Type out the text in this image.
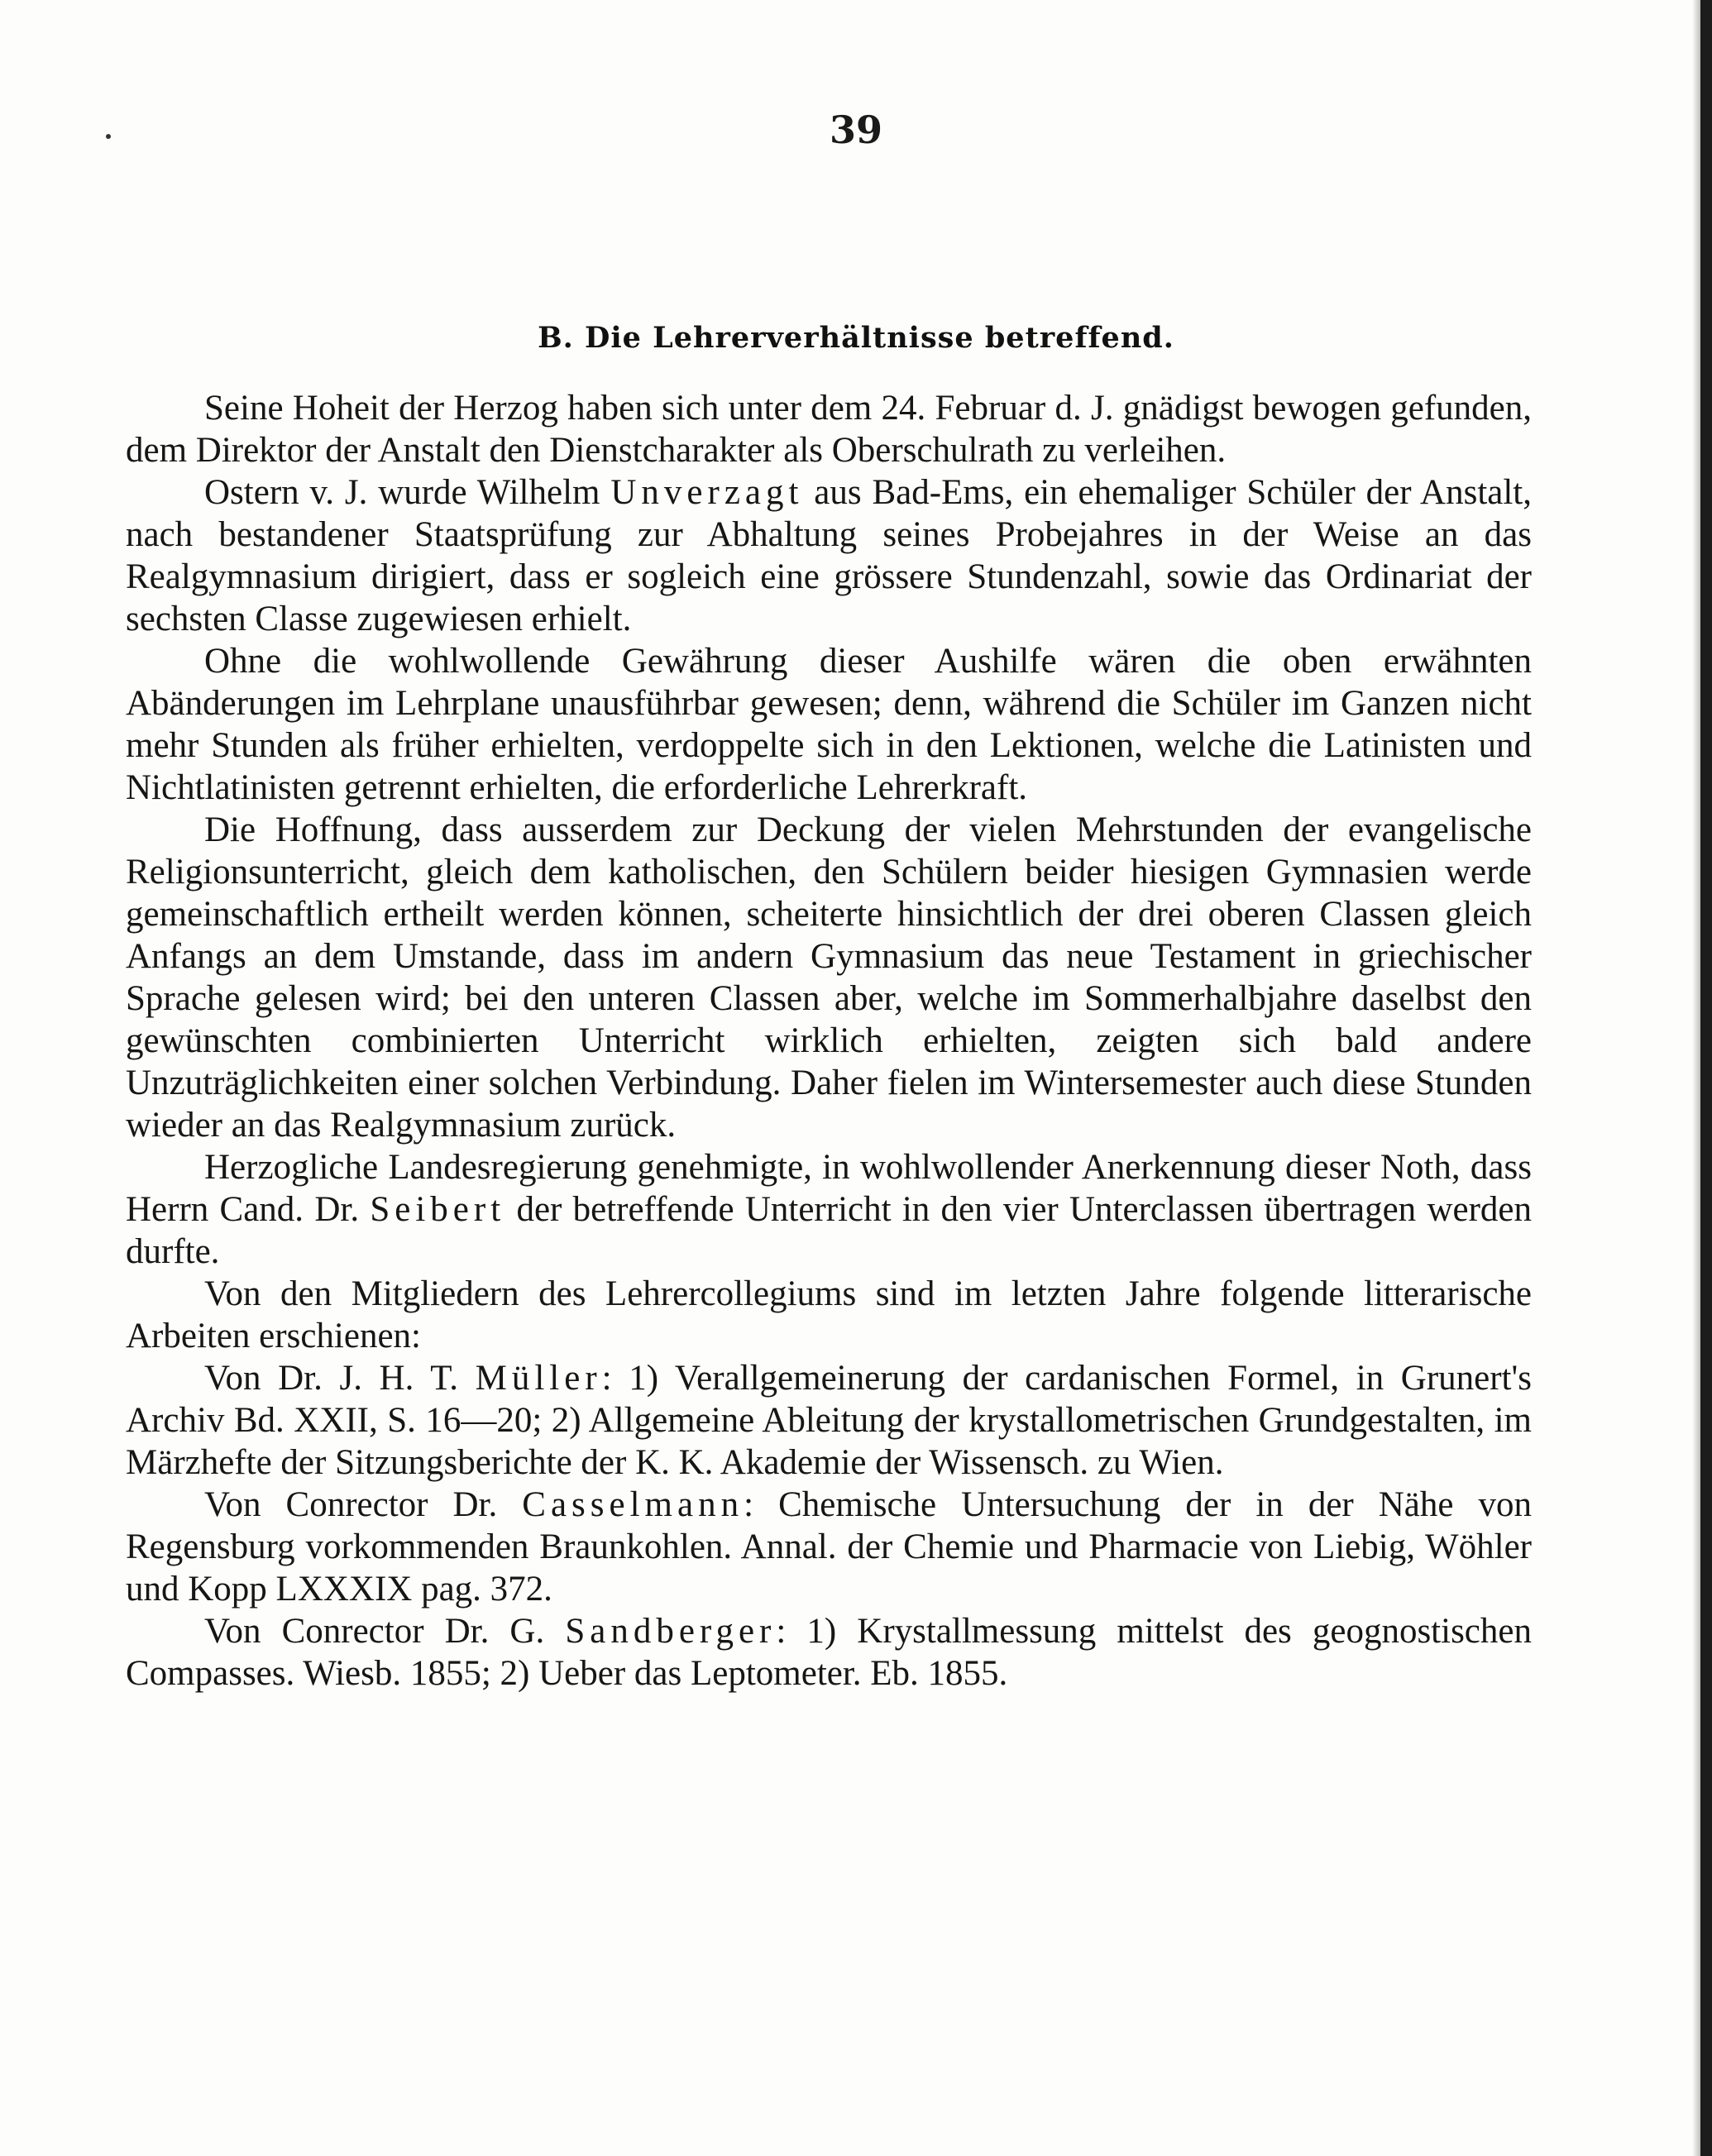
39
B. Die Lehrerverhältnisse betreffend.

Seine Hoheit der Herzog haben sich unter dem 24. Februar d. J. gnädigst bewogen gefunden, dem Direktor der Anstalt den Dienstcharakter als Oberschulrath zu verleihen.

Ostern v. J. wurde Wilhelm Unverzagt aus Bad-Ems, ein ehemaliger Schüler der Anstalt, nach bestandener Staatsprüfung zur Abhaltung seines Probejahres in der Weise an das Realgymnasium dirigiert, dass er sogleich eine grössere Stundenzahl, sowie das Ordinariat der sechsten Classe zugewiesen erhielt.

Ohne die wohlwollende Gewährung dieser Aushilfe wären die oben erwähnten Abänderungen im Lehrplane unausführbar gewesen; denn, während die Schüler im Ganzen nicht mehr Stunden als früher erhielten, verdoppelte sich in den Lektionen, welche die Latinisten und Nichtlatinisten getrennt erhielten, die erforderliche Lehrerkraft.

Die Hoffnung, dass ausserdem zur Deckung der vielen Mehrstunden der evangelische Religionsunterricht, gleich dem katholischen, den Schülern beider hiesigen Gymnasien werde gemeinschaftlich ertheilt werden können, scheiterte hinsichtlich der drei oberen Classen gleich Anfangs an dem Umstande, dass im andern Gymnasium das neue Testament in griechischer Sprache gelesen wird; bei den unteren Classen aber, welche im Sommerhalbjahre daselbst den gewünschten combinierten Unterricht wirklich erhielten, zeigten sich bald andere Unzuträglichkeiten einer solchen Verbindung. Daher fielen im Wintersemester auch diese Stunden wieder an das Realgymnasium zurück.

Herzogliche Landesregierung genehmigte, in wohlwollender Anerkennung dieser Noth, dass Herrn Cand. Dr. Seibert der betreffende Unterricht in den vier Unterclassen übertragen werden durfte.

Von den Mitgliedern des Lehrercollegiums sind im letzten Jahre folgende litterarische Arbeiten erschienen:

Von Dr. J. H. T. Müller: 1) Verallgemeinerung der cardanischen Formel, in Grunert's Archiv Bd. XXII, S. 16—20; 2) Allgemeine Ableitung der krystallometrischen Grundgestalten, im Märzhefte der Sitzungsberichte der K. K. Akademie der Wissensch. zu Wien.

Von Conrector Dr. Casselmann: Chemische Untersuchung der in der Nähe von Regensburg vorkommenden Braunkohlen. Annal. der Chemie und Pharmacie von Liebig, Wöhler und Kopp LXXXIX pag. 372.

Von Conrector Dr. G. Sandberger: 1) Krystallmessung mittelst des geognostischen Compasses. Wiesb. 1855; 2) Ueber das Leptometer. Eb. 1855.
